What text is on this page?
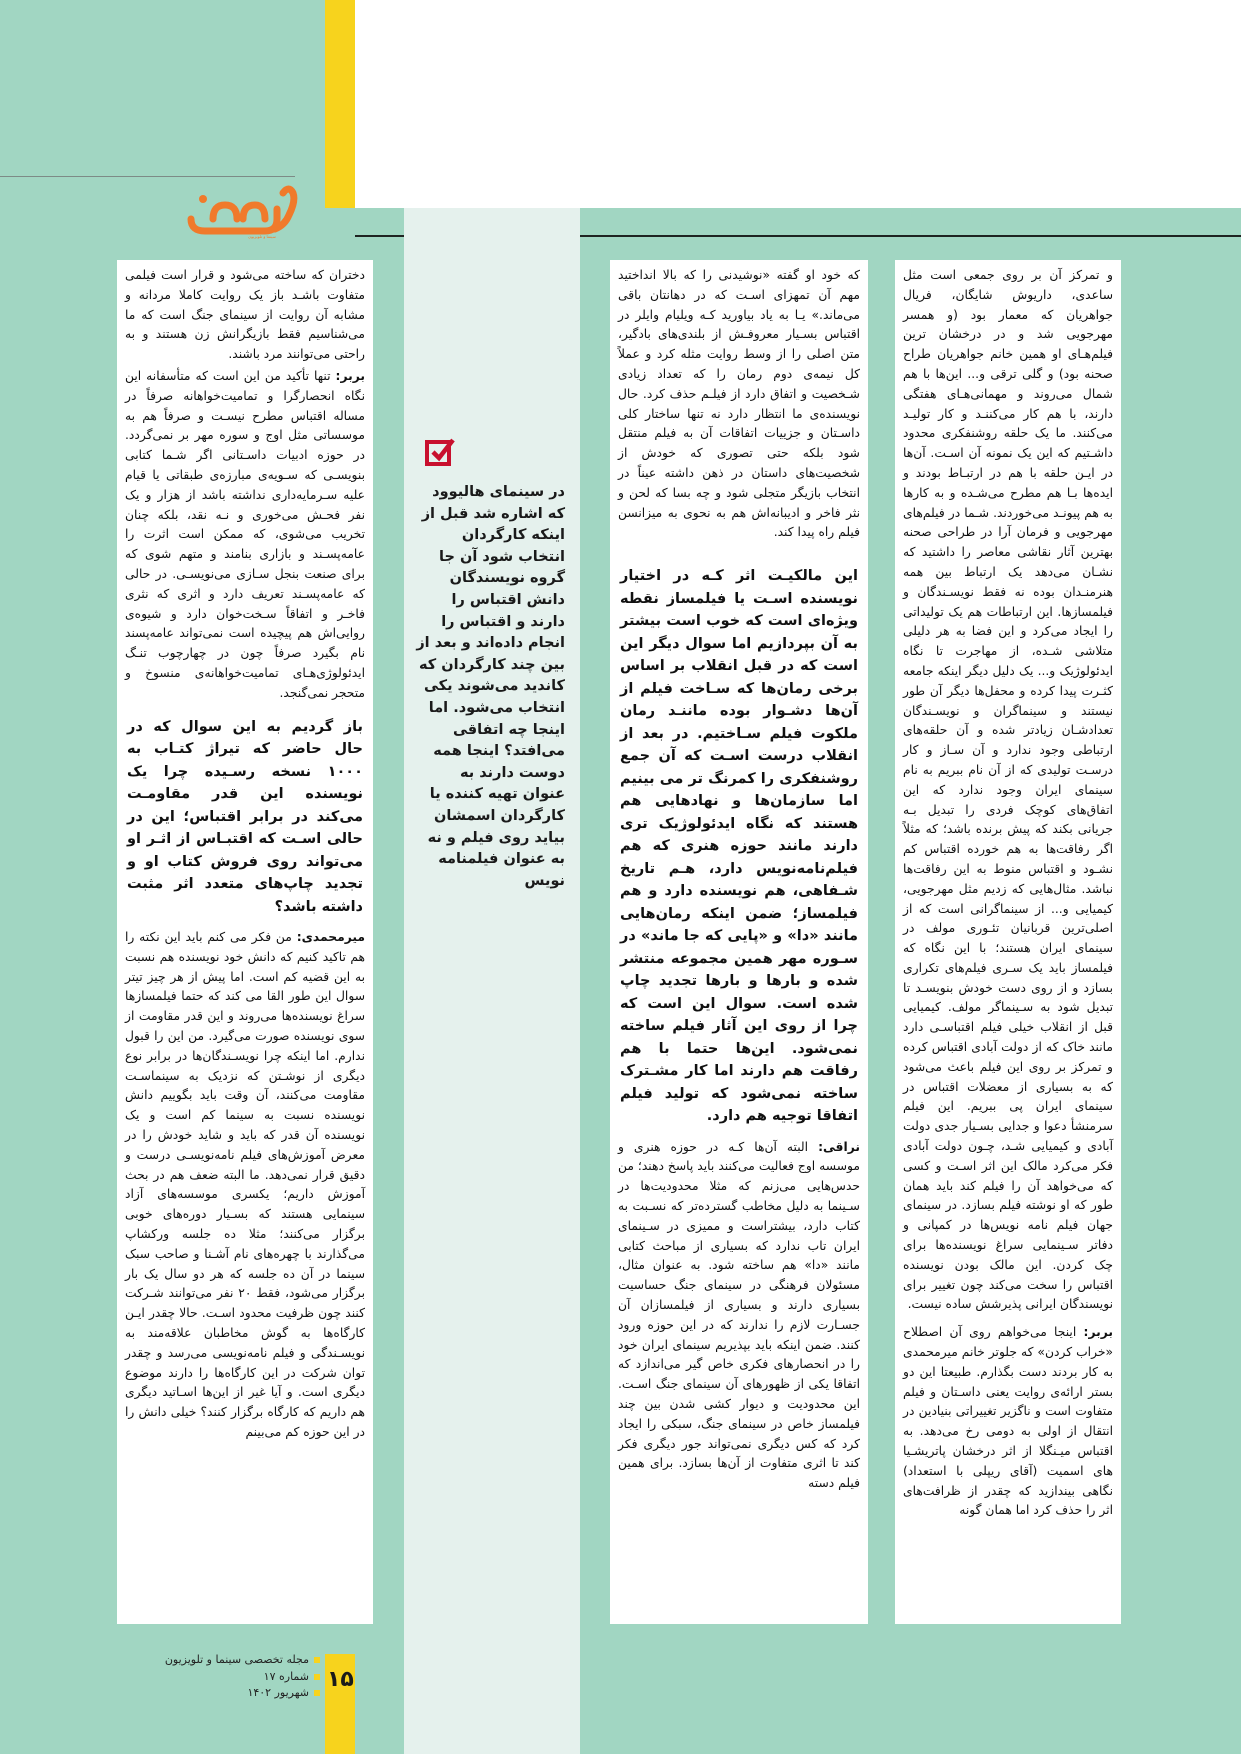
سینما و تلویزیون

و تمرکز آن بر روی جمعی است مثل ساعدی، داریوش شایگان، فریال جواهریان که معمار بود (و همسر مهرجویی شد و در درخشان ترین فیلم‌هـای او همین خانم جواهریان طراح صحنه بود) و گلی ترقی و... این‌ها با هم شمال می‌روند و مهمانی‌هـای هفتگی دارند، با هم کار می‌کننـد و کار تولیـد می‌کنند. ما یک حلقه روشنفکری محدود داشـتیم که این یک نمونه آن اسـت. آن‌ها در ایـن حلقه با هم در ارتبـاط بودند و ایده‌ها بـا هم مطرح می‌شـده و به کارها به هم پیونـد می‌خوردند. شـما در فیلم‌های مهرجویی و فرمان آرا در طراحی صحنه بهترین آثار نقاشی معاصر را داشتید که نشـان می‌دهد یک ارتباط بین همه هنرمنـدان بوده نه فقط نویسـندگان و فیلمسازها. این ارتباطات هم یک تولیداتی را ایجاد می‌کرد و این فضا به هر دلیلی متلاشی شـده، از مهاجرت تا نگاه ایدئولوژیک و... یک دلیل دیگر اینکه جامعه کثـرت پیدا کرده و محفل‌ها دیگر آن طور نیستند و سینماگران و نویسـندگان تعدادشـان زیادتر شده و آن حلقه‌های ارتباطی وجود ندارد و آن سـاز و کار درسـت تولیدی که از آن نام ببریم به نام سینمای ایران وجود ندارد که این اتفاق‌های کوچک فردی را تبدیل بـه جریانی بکند که پیش برنده باشد؛ که مثلاً اگر رفاقت‌ها به هم خورده اقتباس کم نشـود و اقتباس منوط به این رفاقت‌ها نباشد. مثال‌هایی که زدیم مثل مهرجویی، کیمیایی و... از سینماگرانی است که از اصلی‌ترین قربانیان تئـوری مولف در سینمای ایران هستند؛ با این نگاه که فیلمساز باید یک سـری فیلم‌های تکراری بسازد و از روی دست خودش بنویسـد تا تبدیل شود به سـینماگر مولف. کیمیایی قبل از انقلاب خیلی فیلم اقتباسـی دارد مانند خاک که از دولت آبادی اقتباس کرده و تمرکز بر روی این فیلم باعث می‌شود که به بسیاری از معضلات اقتباس در سینمای ایران پی ببریم. این فیلم سرمنشأ دعوا و جدایی بسـیار جدی دولت آبادی و کیمیایی شـد، چـون دولت آبادی فکر می‌کرد مالک این اثر اسـت و کسی که می‌خواهد آن را فیلم کند باید همان طور که او نوشته فیلم بسازد. در سینمای جهان فیلم نامه نویس‌ها در کمپانی و دفاتر سـینمایی سراغ نویسنده‌ها برای چک کردن. این مالک بودن نویسنده اقتباس را سخت می‌کند چون تغییر برای نویسندگان ایرانی پذیرشش ساده نیست.

بربر: اینجا می‌خواهم روی آن اصطلاح «خراب کردن» که جلوتر خانم میرمحمدی به کار بردند دست بگذارم. طبیعتا این دو بستر ارائه‌ی روایت یعنی داسـتان و فیلم متفاوت است و ناگزیر تغییراتی بنیادین در انتقال از اولی به دومی رخ می‌دهد. به اقتباس میـنگلا از اثر درخشان پاتریشـیا های اسمیت (آقای ریپلی با استعداد) نگاهی بیندازید که چقدر از ظرافت‌های اثر را حذف کرد اما همان گونه

که خود او گفته «نوشیدنی را که بالا انداختید مهم آن تمهزای اسـت که در دهانتان باقی می‌ماند.» یـا به یاد بیاورید کـه ویلیام وایلر در اقتباس بسـیار معروفـش از بلندی‌های بادگیر، متن اصلی را از وسط روایت مثله کرد و عملاً کل نیمه‌ی دوم رمان را که تعداد زیادی شـخصیت و اتفاق دارد از فیلـم حذف کرد. حال نویسنده‌ی ما انتظار دارد نه تنها ساختار کلی داسـتان و جزییات اتفاقات آن به فیلم منتقل شود بلکه حتی تصوری که خودش از شخصیت‌های داستان در ذهن داشته عیناً در انتخاب بازیگر متجلی شود و چه بسا که لحن و نثر فاخر و ادیبانه‌اش هم به نحوی به میزانسن فیلم راه پیدا کند.

این مالکیـت اثر کـه در اختیار نویسنده اسـت یا فیلمساز نقطه ویژه‌ای است که خوب است بیشتر به آن بپردازیم اما سوال دیگر این است که در قبل انقلاب بر اساس برخی رمان‌ها که سـاخت فیلم از آن‌ها دشـوار بوده ماننـد رمان ملکوت فیلم سـاختیم. در بعد از انقلاب درست اسـت که آن جمع روشنفکری را کمرنگ تر می بینیم اما سازمان‌ها و نهادهایی هم هستند که نگاه ایدئولوژیک تری دارند مانند حوزه هنری که هم فیلم‌نامه‌نویس دارد، هـم تاریخ شـفاهی، هم نویسنده دارد و هم فیلمساز؛ ضمن اینکه رمان‌هایی مانند «دا» و «پایی که جا ماند» در سـوره مهر همین مجموعه منتشر شده و بارها و بارها تجدید چاپ شده است. سوال این است که چرا از روی این آثار فیلم ساخته نمی‌شود. این‌ها حتما با هم رفاقت هم دارند اما کار مشـترک ساخته نمی‌شود که تولید فیلم اتفاقا توجیه هم دارد.

نراقی: البته آن‌ها کـه در حوزه هنری و موسسه اوج فعالیت می‌کنند باید پاسخ دهند؛ من حدس‌هایی می‌زنم که مثلا محدودیت‌ها در سـینما به دلیل مخاطب گسترده‌تر که نسـبت به کتاب دارد، بیشتراست و ممیزی در سـینمای ایران تاب ندارد که بسیاری از مباحث کتابی مانند «دا» هم ساخته شود. به عنوان مثال، مسئولان فرهنگی در سینمای جنگ حساسیت بسیاری دارند و بسیاری از فیلمسازان آن جسـارت لازم را ندارند که در این حوزه ورود کنند. ضمن اینکه باید بپذیریم سینمای ایران خود را در انحصارهای فکری خاص گیر می‌اندازد که اتفاقا یکی از ظهورهای آن سینمای جنگ اسـت. این محدودیت و دیوار کشی شدن بین چند فیلمساز خاص در سینمای جنگ، سبکی را ایجاد کرد که کس دیگری نمی‌تواند جور دیگری فکر کند تا اثری متفاوت از آن‌ها بسازد. برای همین فیلم دسته

دختران که ساخته می‌شود و قرار است فیلمی متفاوت باشـد باز یک روایت کاملا مردانه و مشابه آن روایت از سینمای جنگ است که ما می‌شناسیم فقط بازیگرانش زن هستند و به راحتی می‌توانند مرد باشند.

بربر: تنها تأکید من این است که متأسفانه این نگاه انحصارگرا و تمامیت‌خواهانه صرفاً در مساله اقتباس مطرح نیسـت و صرفاً هم به موسساتی مثل اوج و سوره مهر بر نمی‌گردد. در حوزه ادبیات داسـتانی اگر شـما کتابی بنویسـی که سـویه‌ی مبارزه‌ی طبقاتی یا قیام علیه سـرمایه‌داری نداشته باشد از هزار و یک نفر فحـش می‌خوری و نـه نقد، بلکه چنان تخریب می‌شوی، که ممکن است اثرت را عامه‌پسـند و بازاری بنامند و متهم شوی که برای صنعت بنجل سـازی می‌نویسـی. در حالی که عامه‌پسـند تعریف دارد و اثری که نثری فاخـر و اتفاقاً سـخت‌خوان دارد و شیوه‌ی روایی‌اش هم پیچیده است نمی‌تواند عامه‌پسند نام بگیرد صرفاً چون در چهارچوب تنـگ ایدئولوژی‌هـای تمامیت‌خواهانه‌ی منسوخ و متحجر نمی‌گنجد.

باز گردیم به این سوال که در حال حاضر که تیراژ کتـاب به ۱۰۰۰ نسخه رسـیده چرا یک نویسنده این قدر مقاومـت می‌کند در برابر اقتباس؛ این در حالی اسـت که اقتبـاس از اثـر او می‌تواند روی فروش کتاب او و تجدید چاپ‌های متعدد اثر مثبت داشته باشد؟

میرمحمدی: من فکر می کنم باید این نکته را هم تاکید کنیم که دانش خود نویسنده هم نسبت به این قضیه کم است. اما پیش از هر چیز تیتر سوال این طور القا می کند که حتما فیلمسازها سراغ نویسنده‌ها می‌روند و این قدر مقاومت از سوی نویسنده صورت می‌گیرد. من این را قبول ندارم. اما اینکه چرا نویسـندگان‌ها در برابر نوع دیگری از نوشـتن که نزدیک به سینماسـت مقاومت می‌کنند، آن وقت باید بگوییم دانش نویسنده نسبت به سینما کم است و یک نویسنده آن قدر که باید و شاید خودش را در معرض آموزش‌های فیلم نامه‌نویسـی درست و دقیق قرار نمی‌دهد. ما البته ضعف هم در بحث آموزش داریم؛ یکسری موسسه‌های آزاد سینمایی هستند که بسـیار دوره‌های خوبی برگزار می‌کنند؛ مثلا ده جلسه ورکشاپ می‌گذارند با چهره‌های نام آشـنا و صاحب سبک سینما در آن ده جلسه که هر دو سال یک بار برگزار می‌شود، فقط ۲۰ نفر می‌توانند شـرکت کنند چون ظرفیت محدود اسـت. حالا چقدر ایـن کارگاه‌ها به گوش مخاطبان علاقه‌مند به نویسـندگی و فیلم نامه‌نویسی می‌رسد و چقدر توان شرکت در این کارگاه‌ها را دارند موضوع دیگری است. و آیا غیر از این‌ها اسـاتید دیگری هم داریم که کارگاه برگزار کنند؟ خیلی دانش را در این حوزه کم می‌بینم

در سینمای هالیوود که اشاره شد قبل از اینکه کارگردان انتخاب شود آن جا گروه نویسندگان دانش اقتباس را دارند و اقتباس را انجام داده‌اند و بعد از بین چند کارگردان که کاندید می‌شوند یکی انتخاب می‌شود. اما اینجا چه اتفاقی می‌افتد؟ اینجا همه دوست دارند به عنوان تهیه کننده یا کارگردان اسمشان بیاید روی فیلم و نه به عنوان فیلمنامه نویس
مجله تخصصی سینما و تلویزیون
شماره ۱۷
شهریور ۱۴۰۲
۱۵
